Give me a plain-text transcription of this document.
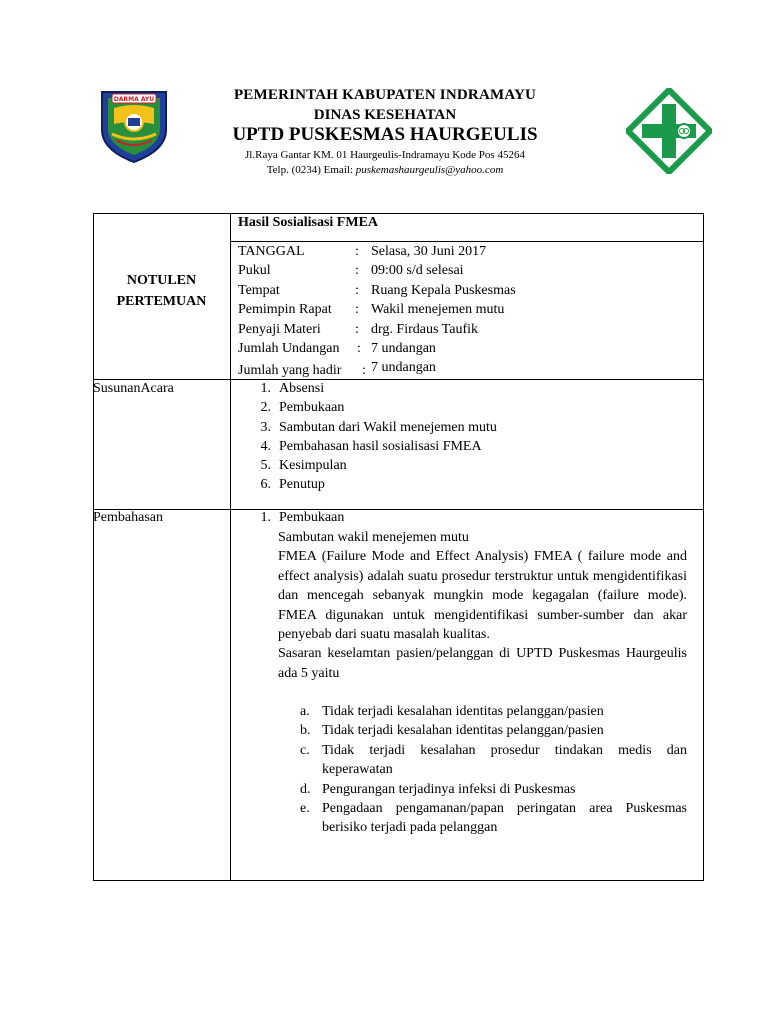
DARMA AYU	PEMERINTAH KABUPATEN INDRAMAYU
DINAS KESEHATAN
UPTD PUSKESMAS HAURGEULIS
Jl.Raya Gantar KM. 01 Haurgeulis-Indramayu Kode Pos 45264
Telp. (0234) Email: puskemashaurgeulis@yahoo.com
NOTULEN
PERTEMUAN
Hasil Sosialisasi FMEA
TANGGAL	: Selasa, 30 Juni 2017
Pukul	: 09:00 s/d selesai
Tempat	: Ruang Kepala Puskesmas
Pemimpin Rapat : Wakil menejemen mutu
Penyaji Materi : drg. Firdaus Taufik
Jumlah Undangan : 7 undangan
Jumlah yang hadir : 7 undangan
SusunanAcara	1. Absensi
2. Pembukaan
3. Sambutan dari Wakil menejemen mutu
4. Pembahasan hasil sosialisasi FMEA
5. Kesimpulan
6. Penutup
Pembahasan	1. Pembukaan

Sambutan wakil menejemen mutu

FMEA (Failure Mode and Effect Analysis) FMEA ( failure mode and effect analysis) adalah suatu prosedur terstruktur untuk mengidentifikasi dan mencegah sebanyak mungkin mode kegagalan (failure mode). FMEA digunakan untuk mengidentifikasi sumber-sumber dan akar penyebab dari suatu masalah kualitas.

Sasaran keselamtan pasien/pelanggan di UPTD Puskesmas Haurgeulis ada 5 yaitu

a. Tidak terjadi kesalahan identitas pelanggan/pasien
b. Tidak terjadi kesalahan identitas pelanggan/pasien
c. Tidak terjadi kesalahan prosedur tindakan medis dan keperawatan
d. Pengurangan terjadinya infeksi di Puskesmas
e. Pengadaan pengamanan/papan peringatan area Puskesmas berisiko terjadi pada pelanggan
